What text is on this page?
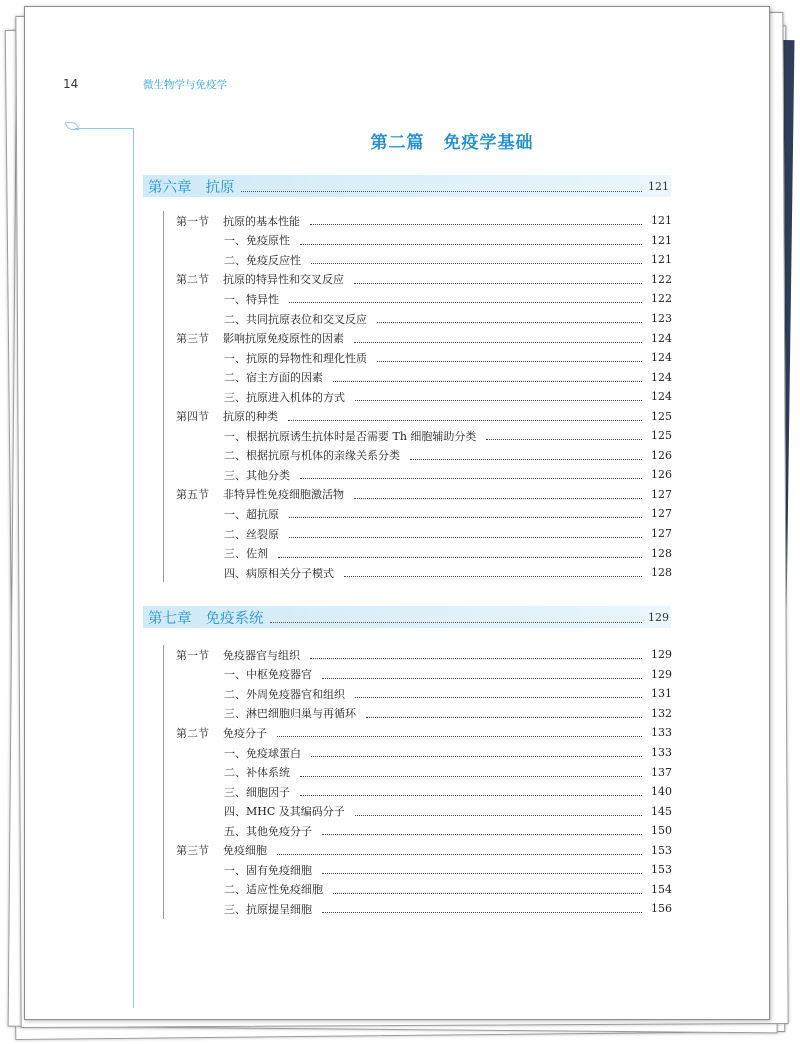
14	微生物学与免疫学
第二篇 免疫学基础
第六章 抗原	121
第一节 抗原的基本性能	121
一、免疫原性	121
二、免疫反应性	121
第二节 抗原的特异性和交叉反应	122
一、特异性	122
二、共同抗原表位和交叉反应	123
第三节 影响抗原免疫原性的因素	124
一、抗原的异物性和理化性质	124
二、宿主方面的因素	124
三、抗原进入机体的方式	124
第四节 抗原的种类	125
一、根据抗原诱生抗体时是否需要 Th 细胞辅助分类	125
二、根据抗原与机体的亲缘关系分类	126
三、其他分类	126
第五节 非特异性免疫细胞激活物	127
一、超抗原	127
二、丝裂原	127
三、佐剂	128
四、病原相关分子模式	128
第七章 免疫系统	129
第一节 免疫器官与组织	129
一、中枢免疫器官	129
二、外周免疫器官和组织	131
三、淋巴细胞归巢与再循环	132
第二节 免疫分子	133
一、免疫球蛋白	133
二、补体系统	137
三、细胞因子	140
四、MHC 及其编码分子	145
五、其他免疫分子	150
第三节 免疫细胞	153
一、固有免疫细胞	153
二、适应性免疫细胞	154
三、抗原提呈细胞	156
